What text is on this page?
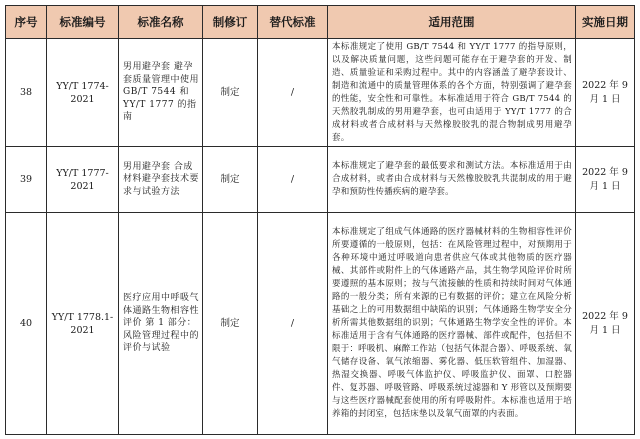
序号	标准编号	标准名称	制修订	替代标准	适用范围	实施日期
38	YY/T 1774-2021	男用避孕套 避孕套质量管理中使用 GB/T 7544 和 YY/T 1777 的指南	制定	/	本标准规定了使用 GB/T 7544 和 YY/T 1777 的指导原则，以及解决质量问题，这些问题可能存在于避孕套的开发、制造、质量验证和采购过程中。其中的内容涵盖了避孕套设计、制造和流通中的质量管理体系的各个方面，特别强调了避孕套的性能，安全性和可靠性。本标准适用于符合 GB/T 7544 的天然胶乳制成的男用避孕套，也可由适用于 YY/T 1777 的合成材料或者合成材料与天然橡胶胶乳的混合物制成男用避孕套。	2022 年 9 月 1 日
39	YY/T 1777-2021	男用避孕套 合成材料避孕套技术要求与试验方法	制定	/	本标准规定了避孕套的最低要求和测试方法。本标准适用于由合成材料，或者由合成材料与天然橡胶胶乳共混制成的用于避孕和预防性传播疾病的避孕套。	2022 年 9 月 1 日
40	YY/T 1778.1-2021	医疗应用中呼吸气体通路生物相容性评价 第 1 部分：风险管理过程中的评价与试验	制定	/	本标准规定了组成气体通路的医疗器械材料的生物相容性评价所要遵循的一般原则，包括：在风险管理过程中，对预期用于各种环境中通过呼吸道向患者供应气体或其他物质的医疗器械、其部件或附件上的气体通路产品，其生物学风险评价时所要遵照的基本原则；按与气流接触的性质和持续时间对气体通路的一般分类；所有来源的已有数据的评价；建立在风险分析基础之上的可用数据组中缺陷的识别；气体通路生物学安全分析所需其他数据组的识别；气体通路生物学安全性的评价。本标准适用于含有气体通路的医疗器械、部件或配件，包括但不限于：呼吸机、麻醉工作站（包括气体混合器）、呼吸系统、氧气储存设备、氧气浓缩器、雾化器、低压软管组件、加湿器、热湿交换器、呼吸气体监护仪、呼吸监护仪、面罩、口腔器件、复苏器、呼吸管路、呼吸系统过滤器和 Y 形管以及预期要与这些医疗器械配套使用的所有呼吸附件。本标准也适用于培养箱的封闭室，包括床垫以及氧气面罩的内表面。	2022 年 9 月 1 日
